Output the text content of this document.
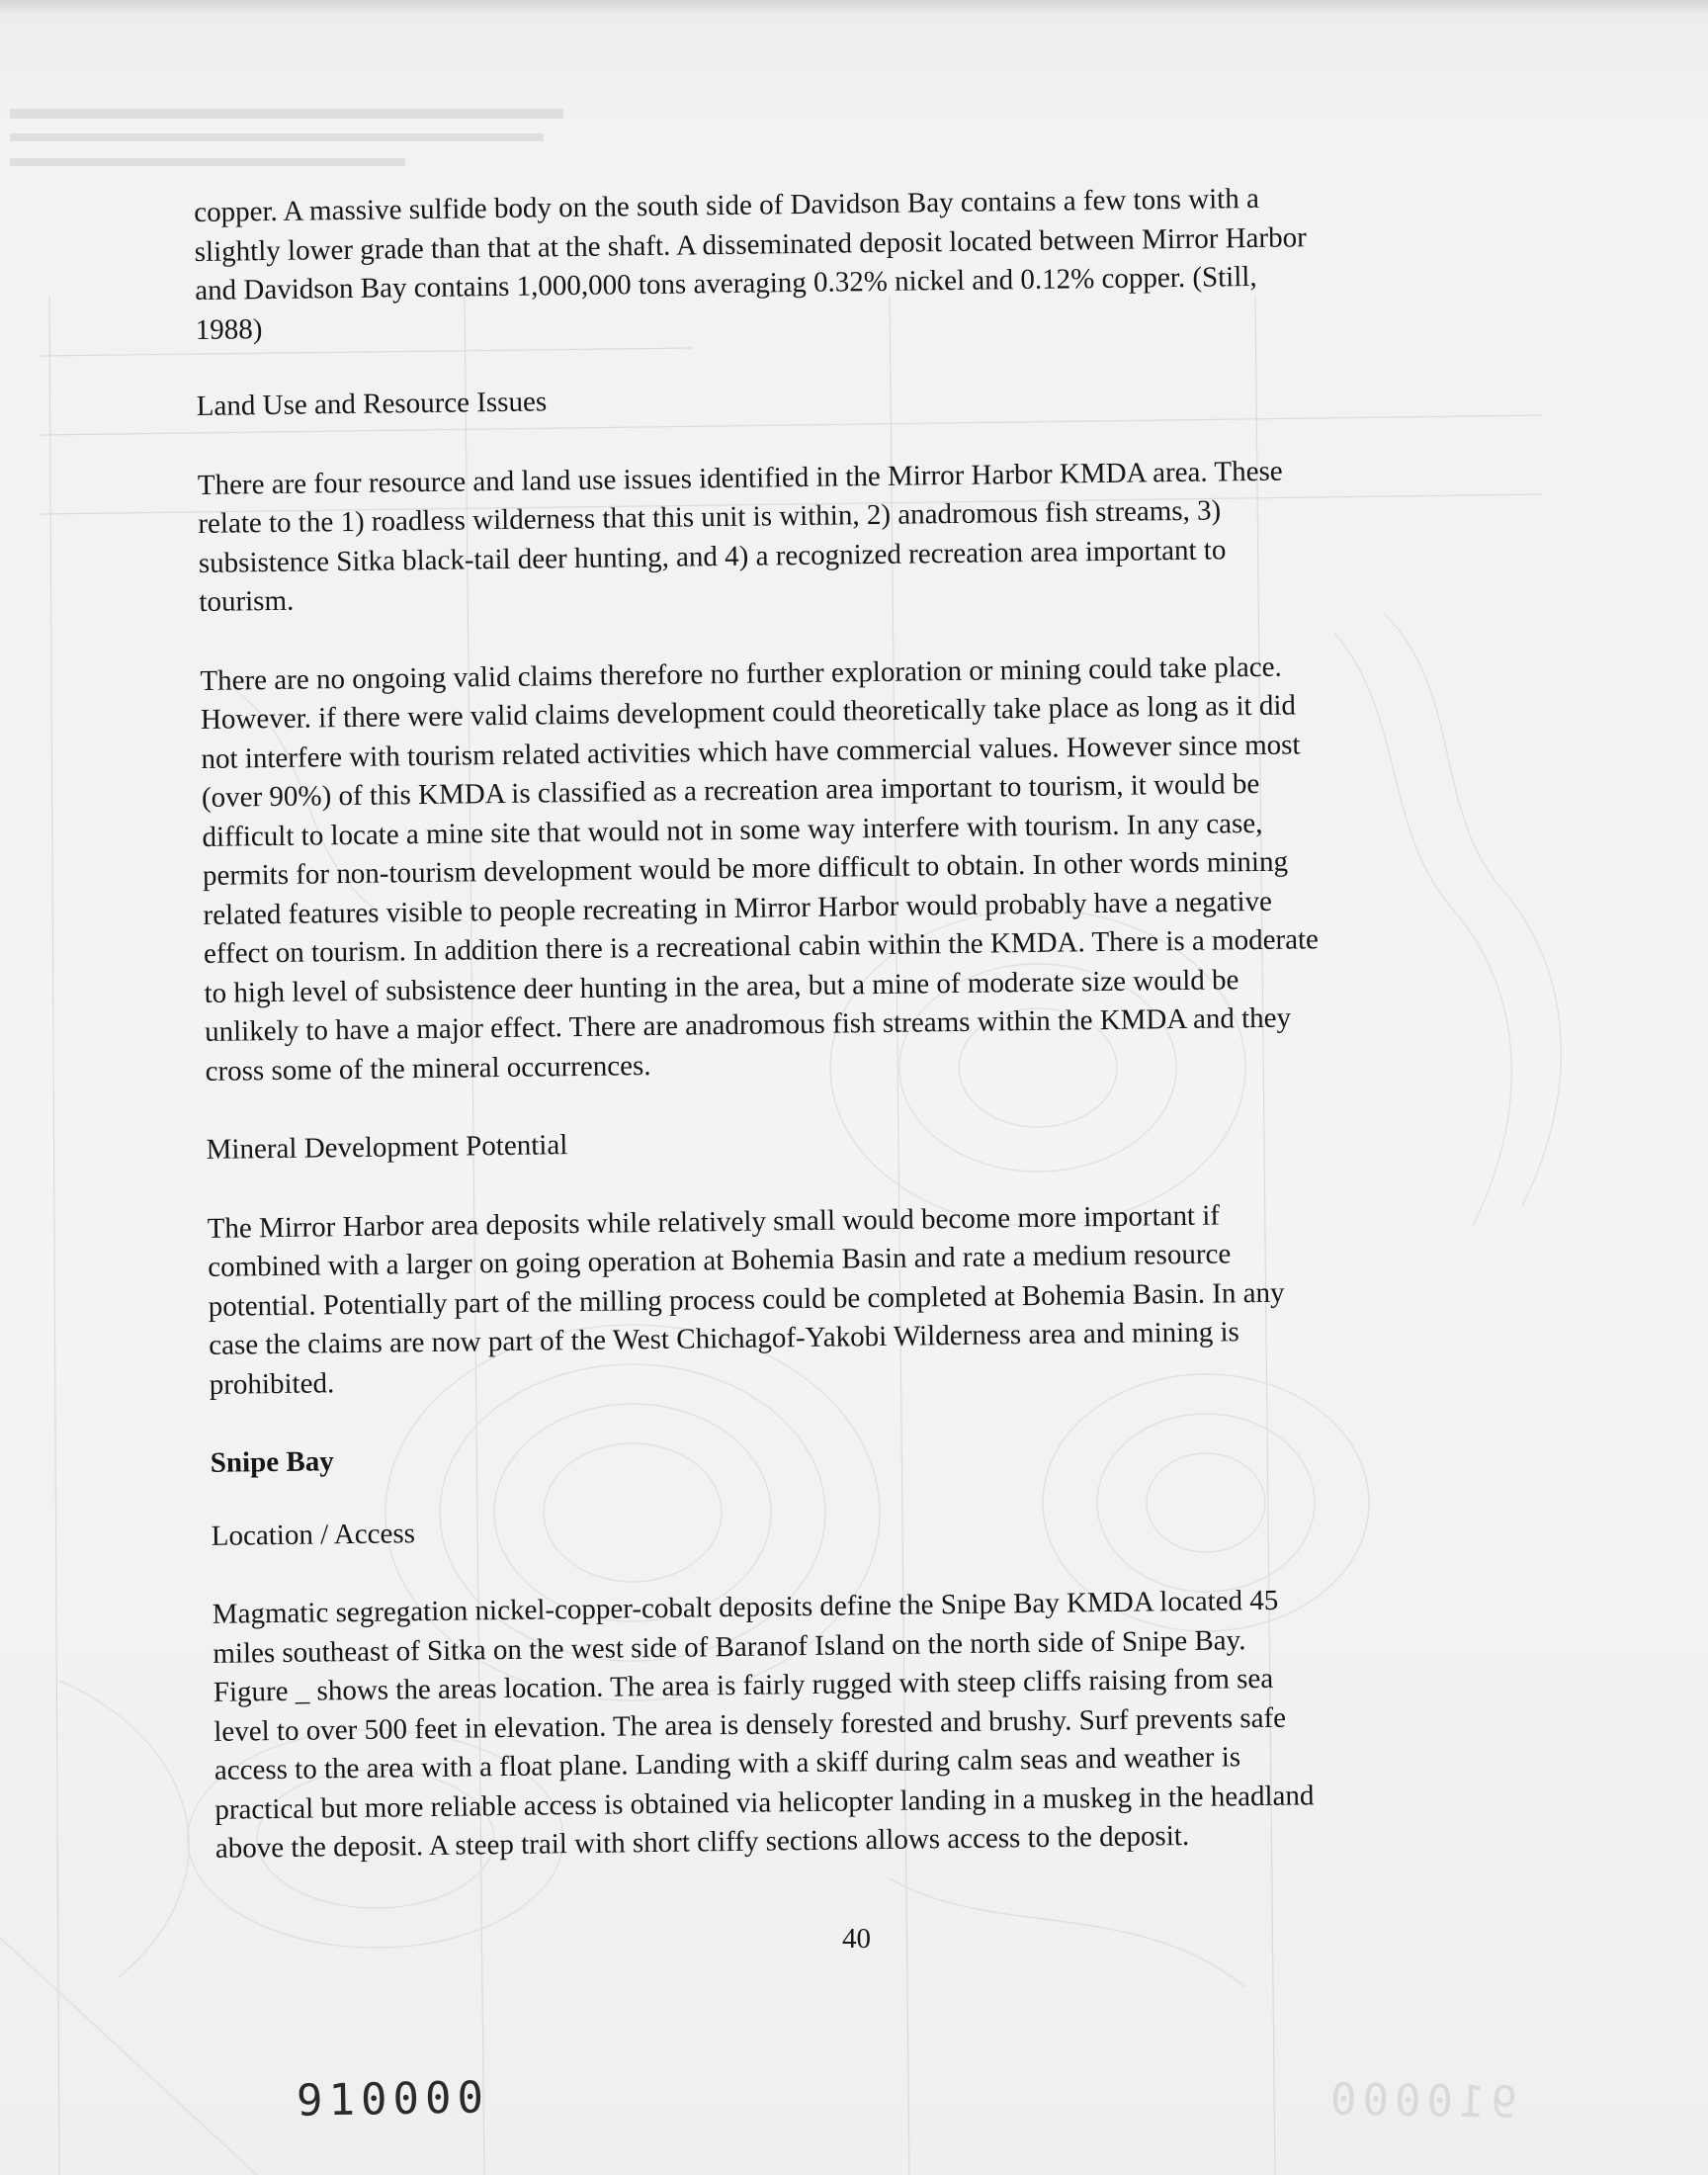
copper. A massive sulfide body on the south side of Davidson Bay contains a few tons with a
slightly lower grade than that at the shaft. A disseminated deposit located between Mirror Harbor
and Davidson Bay contains 1,000,000 tons averaging 0.32% nickel and 0.12% copper. (Still,
1988)

Land Use and Resource Issues

There are four resource and land use issues identified in the Mirror Harbor KMDA area. These
relate to the 1) roadless wilderness that this unit is within, 2) anadromous fish streams, 3)
subsistence Sitka black-tail deer hunting, and 4) a recognized recreation area important to
tourism.

There are no ongoing valid claims therefore no further exploration or mining could take place.
However. if there were valid claims development could theoretically take place as long as it did
not interfere with tourism related activities which have commercial values. However since most
(over 90%) of this KMDA is classified as a recreation area important to tourism, it would be
difficult to locate a mine site that would not in some way interfere with tourism. In any case,
permits for non-tourism development would be more difficult to obtain. In other words mining
related features visible to people recreating in Mirror Harbor would probably have a negative
effect on tourism. In addition there is a recreational cabin within the KMDA. There is a moderate
to high level of subsistence deer hunting in the area, but a mine of moderate size would be
unlikely to have a major effect. There are anadromous fish streams within the KMDA and they
cross some of the mineral occurrences.

Mineral Development Potential

The Mirror Harbor area deposits while relatively small would become more important if
combined with a larger on going operation at Bohemia Basin and rate a medium resource
potential. Potentially part of the milling process could be completed at Bohemia Basin. In any
case the claims are now part of the West Chichagof-Yakobi Wilderness area and mining is
prohibited.

Snipe Bay

Location / Access

Magmatic segregation nickel-copper-cobalt deposits define the Snipe Bay KMDA located 45
miles southeast of Sitka on the west side of Baranof Island on the north side of Snipe Bay.
Figure _ shows the areas location. The area is fairly rugged with steep cliffs raising from sea
level to over 500 feet in elevation. The area is densely forested and brushy. Surf prevents safe
access to the area with a float plane. Landing with a skiff during calm seas and weather is
practical but more reliable access is obtained via helicopter landing in a muskeg in the headland
above the deposit. A steep trail with short cliffy sections allows access to the deposit.

40
910000	910000
